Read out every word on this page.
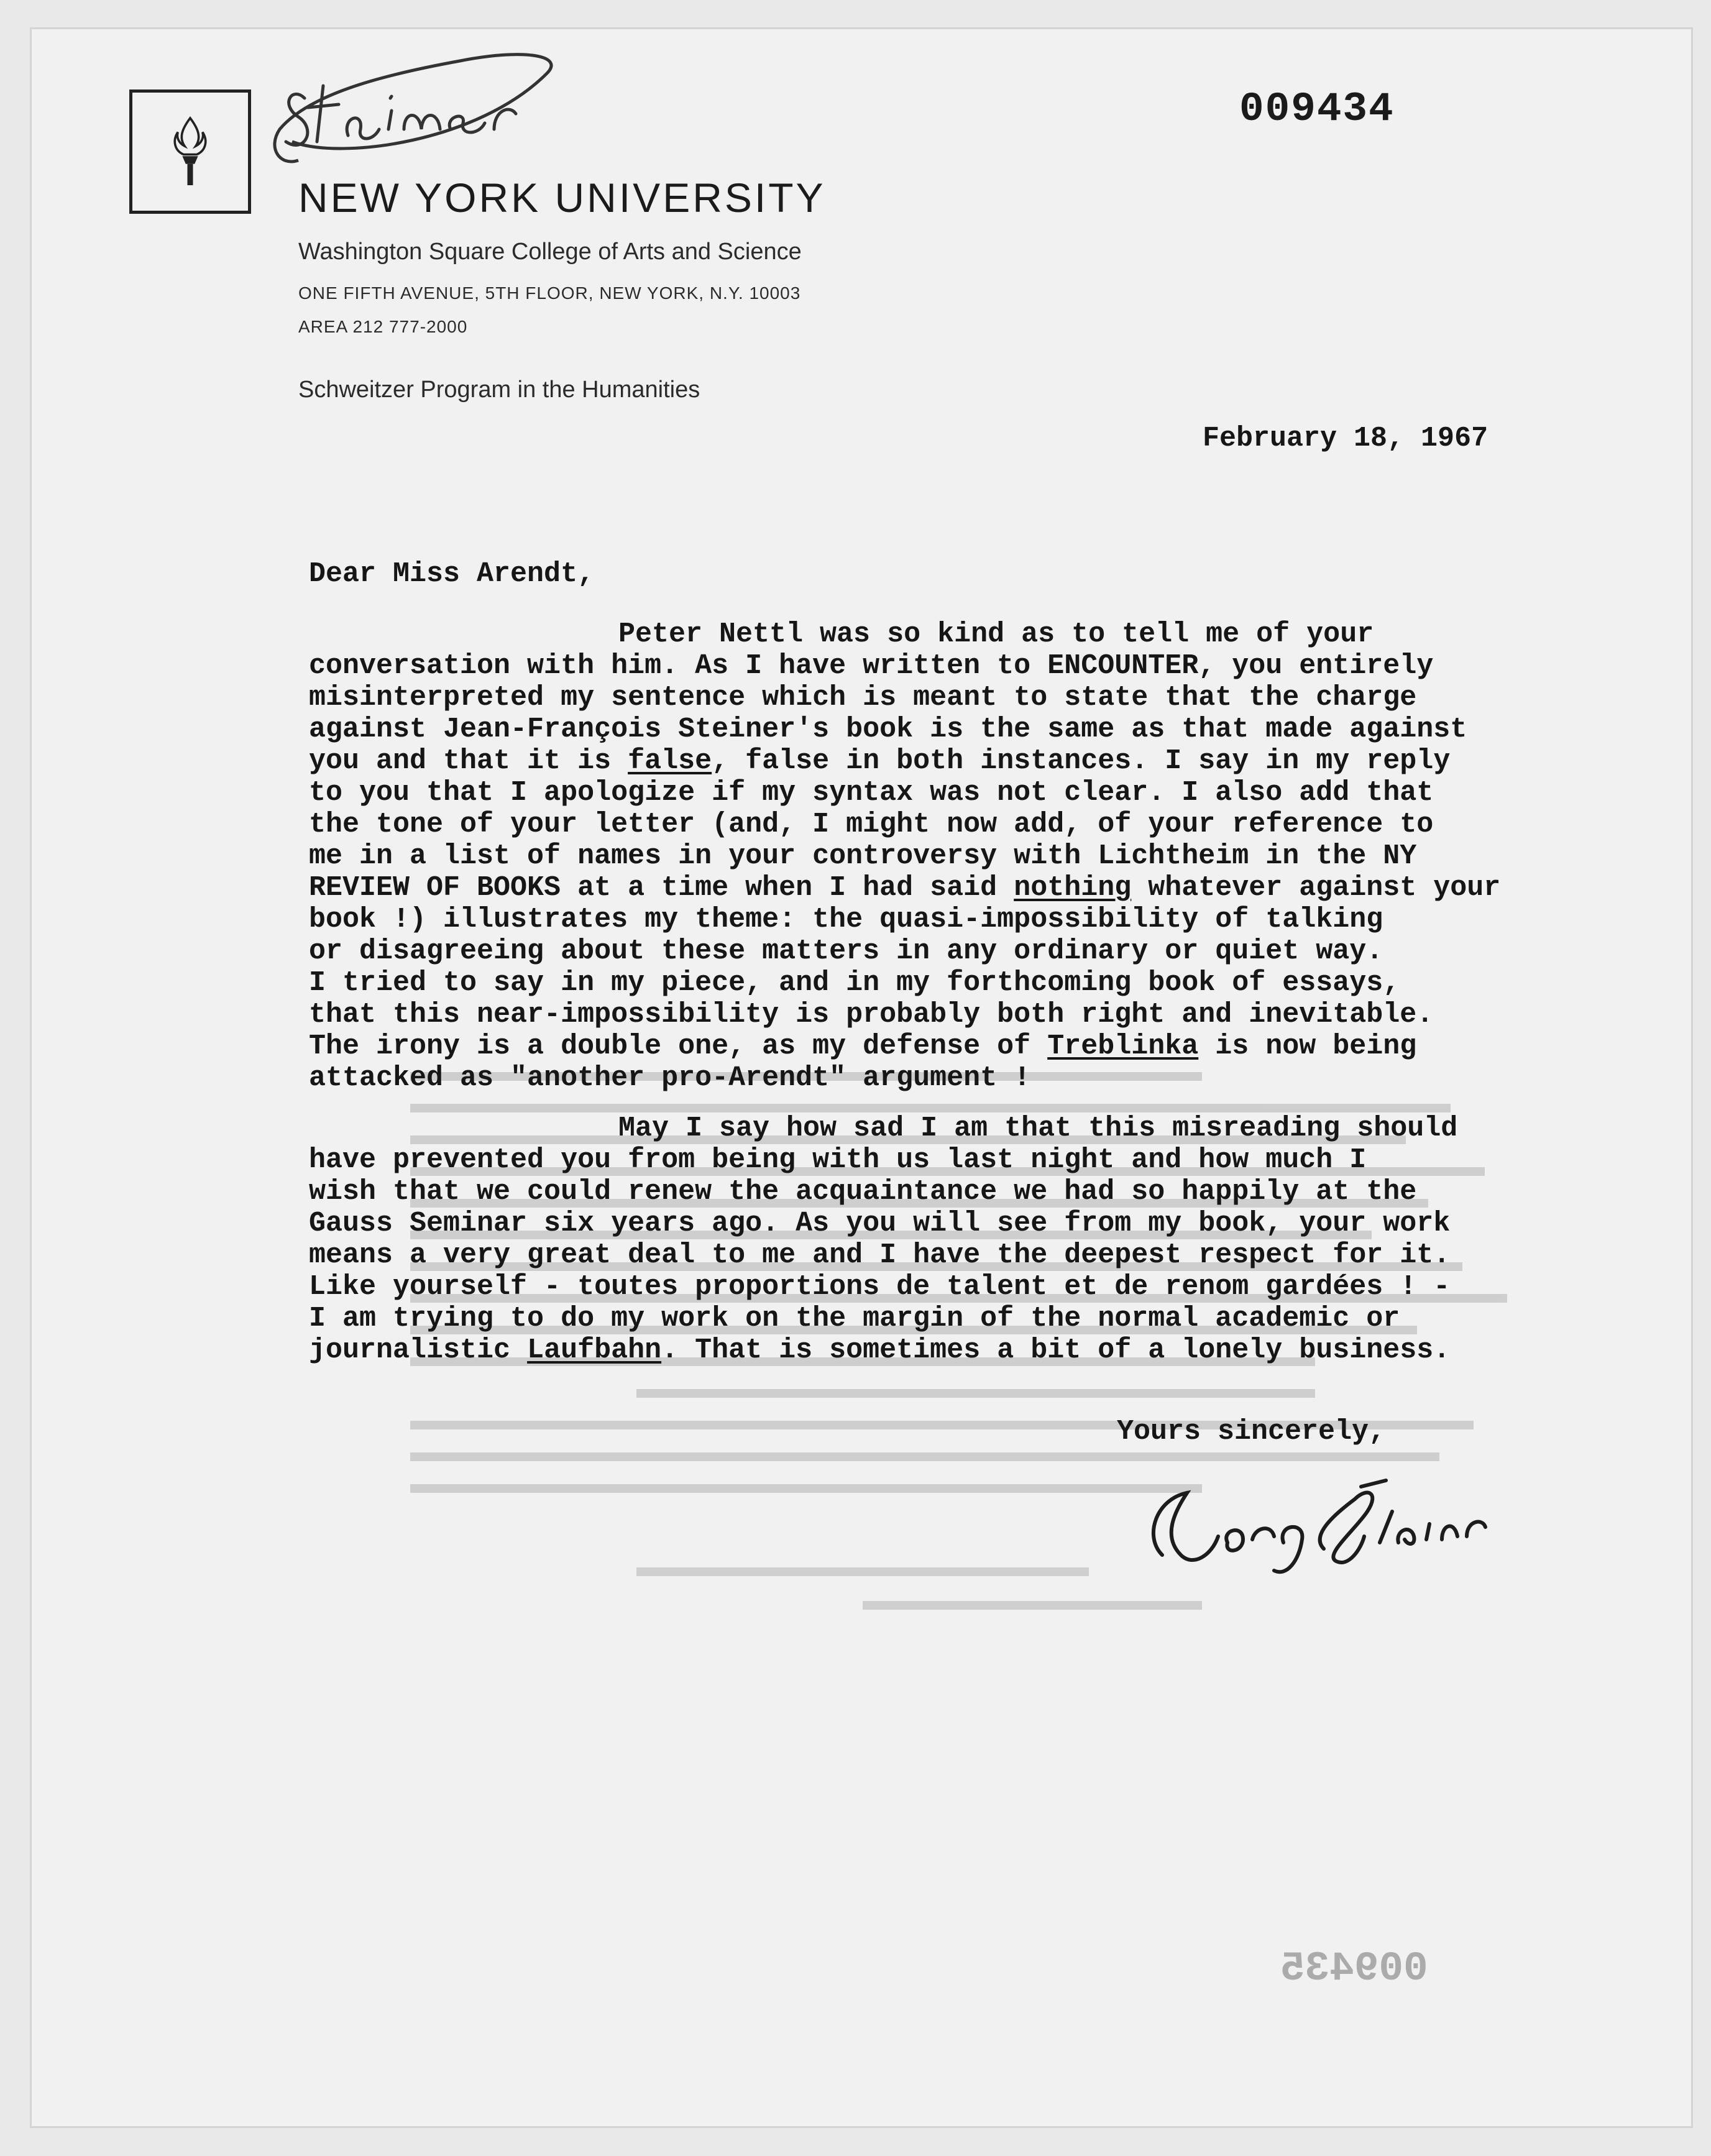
009434
NEW YORK UNIVERSITY
Washington Square College of Arts and Science
ONE FIFTH AVENUE, 5TH FLOOR, NEW YORK, N.Y. 10003
AREA 212 777-2000
Schweitzer Program in the Humanities
February 18, 1967
Dear Miss Arendt,
Peter Nettl was so kind as to tell me of your
conversation with him. As I have written to ENCOUNTER, you entirely
misinterpreted my sentence which is meant to state that the charge
against Jean-François Steiner's book is the same as that made against
you and that it is false, false in both instances. I say in my reply
to you that I apologize if my syntax was not clear. I also add that
the tone of your letter (and, I might now add, of your reference to
me in a list of names in your controversy with Lichtheim in the NY
REVIEW OF BOOKS at a time when I had said nothing whatever against your
book !) illustrates my theme: the quasi-impossibility of talking
or disagreeing about these matters in any ordinary or quiet way.
I tried to say in my piece, and in my forthcoming book of essays,
that this near-impossibility is probably both right and inevitable.
The irony is a double one, as my defense of Treblinka is now being
attacked as "another pro-Arendt" argument !
May I say how sad I am that this misreading should
have prevented you from being with us last night and how much I
wish that we could renew the acquaintance we had so happily at the
Gauss Seminar six years ago. As you will see from my book, your work
means a very great deal to me and I have the deepest respect for it.
Like yourself - toutes proportions de talent et de renom gardées ! -
I am trying to do my work on the margin of the normal academic or
journalistic Laufbahn. That is sometimes a bit of a lonely business.
Yours sincerely,
009435
